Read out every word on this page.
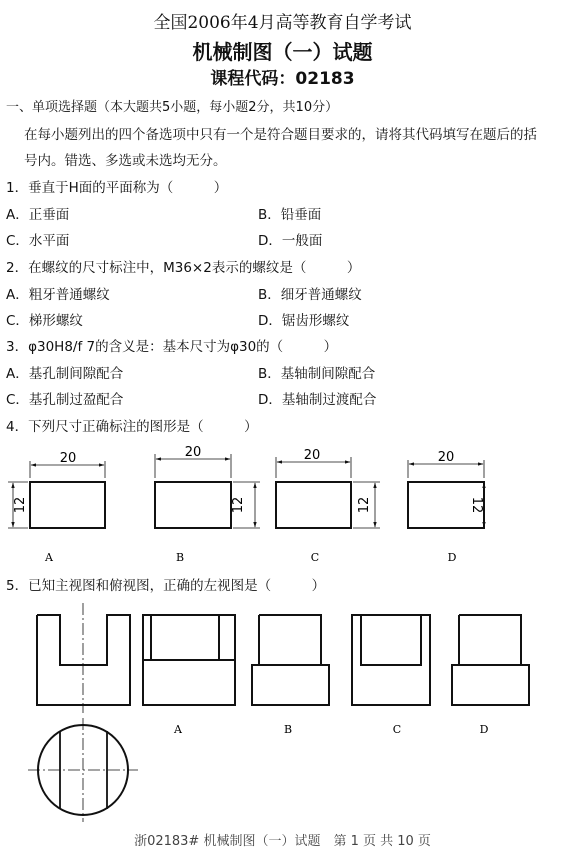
全国2006年4月高等教育自学考试
机械制图（一）试题
课程代码：02183
一、单项选择题（本大题共5小题，每小题2分，共10分）
在每小题列出的四个备选项中只有一个是符合题目要求的，请将其代码填写在题后的括
号内。错选、多选或未选均无分。
1．垂直于H面的平面称为（　　　）
A．正垂面	B．铅垂面
C．水平面	D．一般面
2．在螺纹的尺寸标注中，M36×2表示的螺纹是（　　　）
A．粗牙普通螺纹	B．细牙普通螺纹
C．梯形螺纹	D．锯齿形螺纹
3．φ30H8/f 7的含义是：基本尺寸为φ30的（　　　）
A．基孔制间隙配合	B．基轴制间隙配合
C．基孔制过盈配合	D．基轴制过渡配合
4．下列尺寸正确标注的图形是（　　　）
20
12
20
12
20
12
20
12
A	B	C	D
A	B	C	D
5．已知主视图和俯视图，正确的左视图是（　　　）
浙02183# 机械制图（一）试题　第 1 页 共 10 页
